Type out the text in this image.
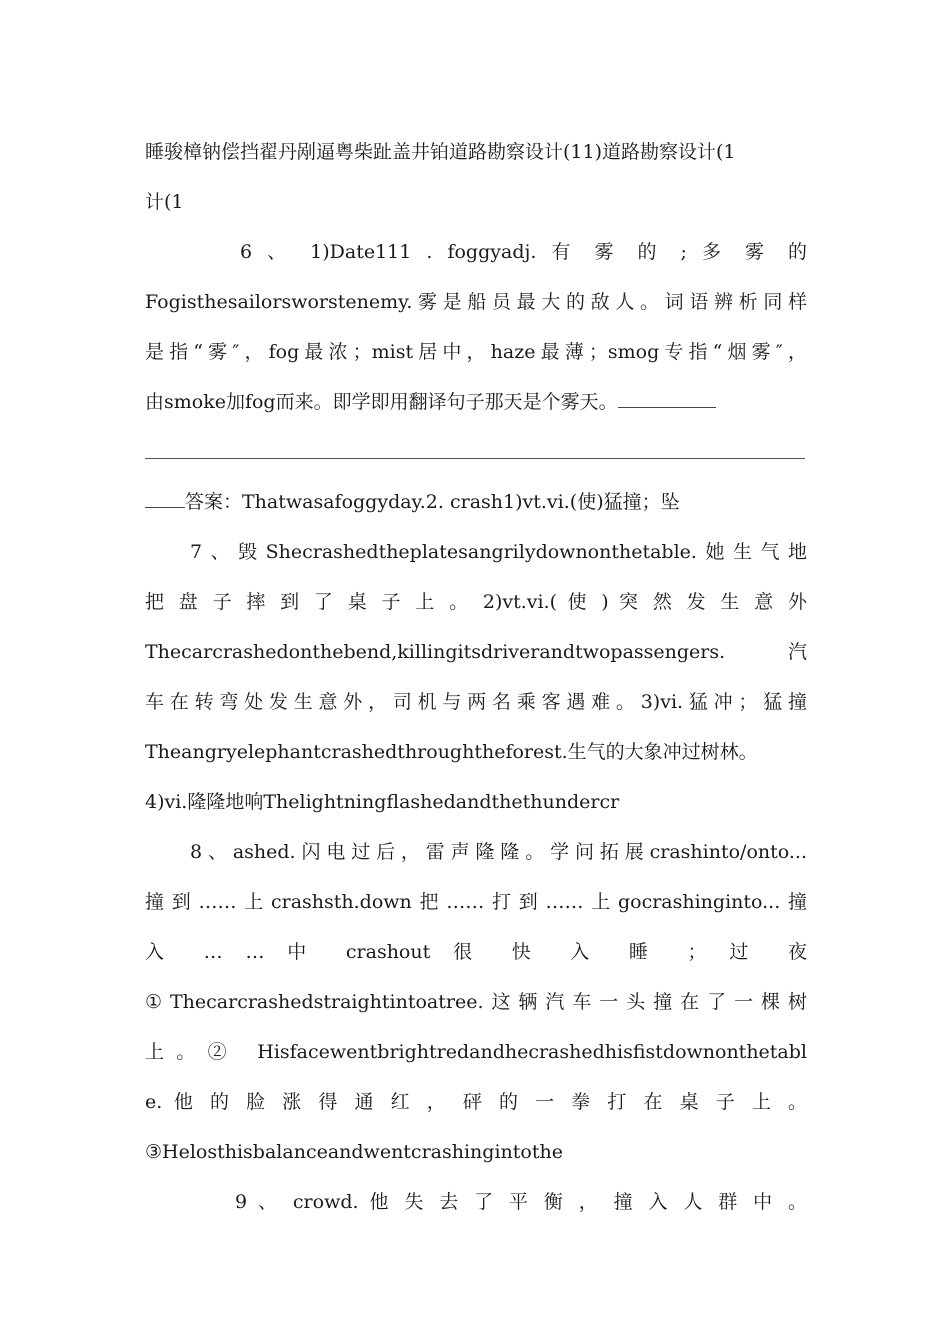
睡骏樟钠偿挡翟丹剐逼粤柴趾盖井铂道路勘察设计(11)道路勘察设计(1
计(1
6 、 1)Date111 . foggyadj. 有 雾 的 ; 多 雾 的
Fogisthesailorsworstenemy.雾是船员最大的敌人。词语辨析同样
是指“雾″，fog最浓；mist居中，haze最薄；smog专指“烟雾″，
由smoke加fog而来。即学即用翻译句子那天是个雾天。
答案：Thatwasafoggyday.2. crash1)vt.vi.(使)猛撞；坠
7、毁Shecrashedtheplatesangrilydownonthetable.她生气地
把 盘 子 摔 到 了 桌 子 上 。 2)vt.vi.( 使 ) 突 然 发 生 意 外
Thecarcrashedonthebend,killingitsdriverandtwopassengers. 汽
车在转弯处发生意外，司机与两名乘客遇难。3)vi.猛冲；猛撞
Theangryelephantcrashedthroughtheforest.生气的大象冲过树林。
4)vi.隆隆地响Thelightningflashedandthethundercr
8、ashed.闪电过后，雷声隆隆。学问拓展crashinto/onto...
撞到……上crashsth.down把……打到……上gocrashinginto...撞
入 … … 中 crashout 很 快 入 睡 ； 过 夜
①Thecarcrashedstraightintoatree.这辆汽车一头撞在了一棵树
上。② Hisfacewentbrightredandhecrashedhisfistdownonthetabl
e. 他 的 脸 涨 得 通 红 ， 砰 的 一 拳 打 在 桌 子 上 。
③Helosthisbalanceandwentcrashingintothe
9 、 crowd. 他 失 去 了 平 衡 ， 撞 入 人 群 中 。
